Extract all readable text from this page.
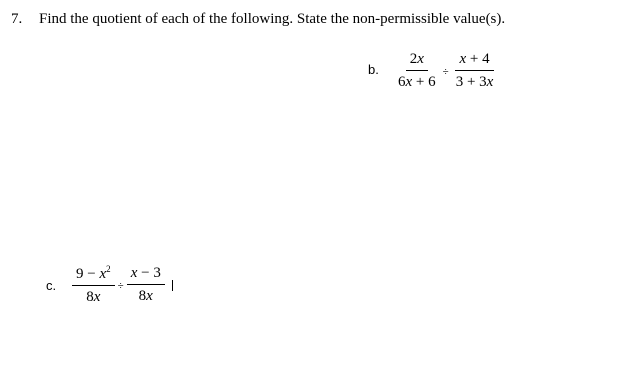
7. Find the quotient of each of the following. State the non-permissible value(s).
b. $\frac{2x}{6x + 6} \div \frac{x + 4}{3 + 3x}$
c. $\frac{9 - x^2}{8x} \div \frac{x - 3}{8x}$
